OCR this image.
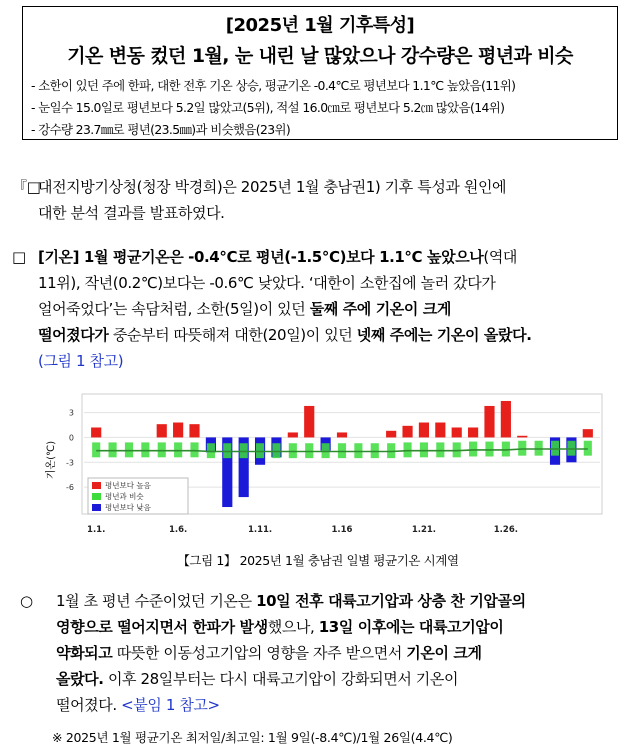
[2025년 1월 기후특성]
기온 변동 컸던 1월, 눈 내린 날 많았으나 강수량은 평년과 비슷
- 소한이 있던 주에 한파, 대한 전후 기온 상승, 평균기온 -0.4℃로 평년보다 1.1℃ 높았음(11위)
- 눈일수 15.0일로 평년보다 5.2일 많았고(5위), 적설 16.0㎝로 평년보다 5.2㎝ 많았음(14위)
- 강수량 23.7㎜로 평년(23.5㎜)과 비슷했음(23위)
『□
대전지방기상청(청장 박경희)은 2025년 1월 충남권1) 기후 특성과 원인에
대한 분석 결과를 발표하였다.
□ [기온] 1월 평균기온은 -0.4℃로 평년(-1.5℃)보다 1.1℃ 높았으나(역대
11위), 작년(0.2℃)보다는 -0.6℃ 낮았다. ‘대한이 소한집에 놀러 갔다가
얼어죽었다’는 속담처럼, 소한(5일)이 있던 둘째 주에 기온이 크게
떨어졌다가 중순부터 따뜻해져 대한(20일)이 있던 넷째 주에는 기온이 올랐다.
(그림 1 참고)
3
0
-3
-6
기온(℃)
1.1.	1.6.	1.11.	1.16	1.21.	1.26.
평년보다 높음
평년과 비슷
평년보다 낮음
【그림 1】 2025년 1월 충남권 일별 평균기온 시계열
○ 1월 초 평년 수준이었던 기온은 10일 전후 대륙고기압과 상층 찬 기압골의
영향으로 떨어지면서 한파가 발생했으나, 13일 이후에는 대륙고기압이
약화되고 따뜻한 이동성고기압의 영향을 자주 받으면서 기온이 크게
올랐다. 이후 28일부터는 다시 대륙고기압이 강화되면서 기온이
떨어졌다. <붙임 1 참고>
※ 2025년 1월 평균기온 최저일/최고일: 1월 9일(-8.4℃)/1월 26일(4.4℃)
